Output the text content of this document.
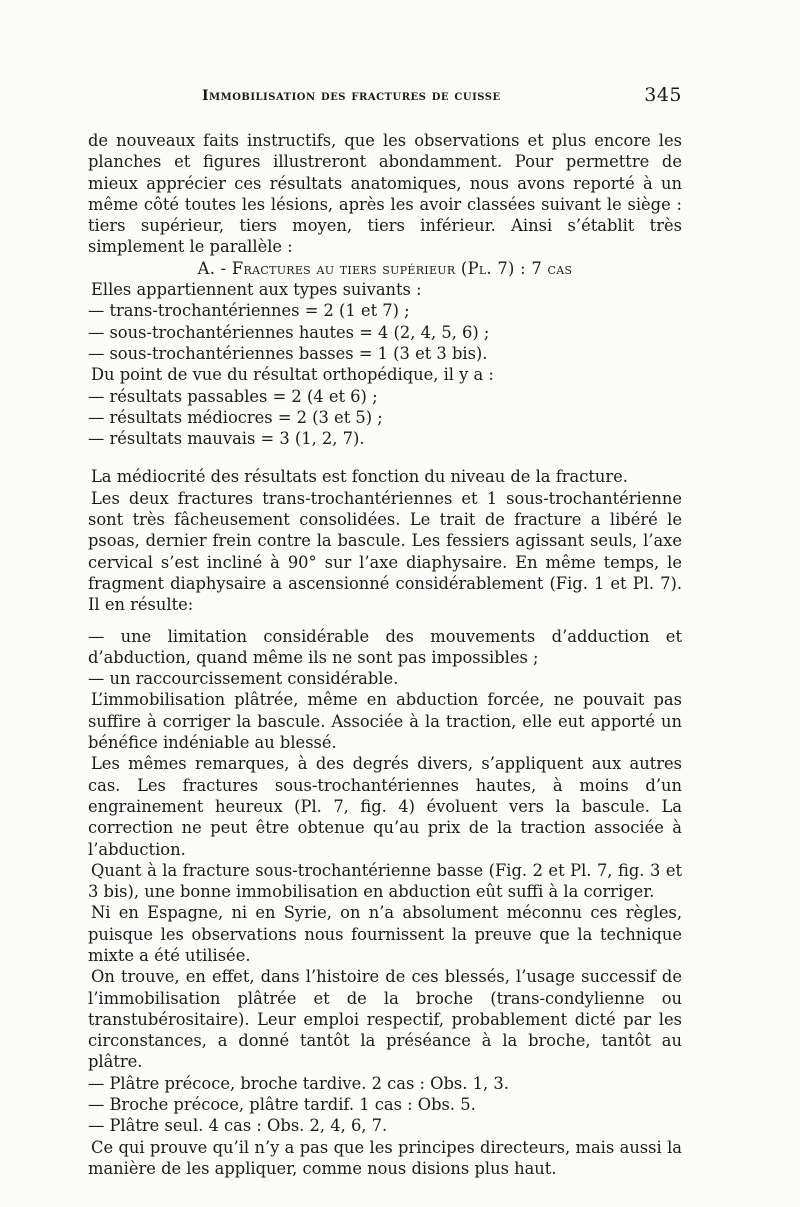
Immobilisation des fractures de cuisse	345

de nouveaux faits instructifs, que les observations et plus encore les planches et figures illustreront abondamment. Pour permettre de mieux apprécier ces résultats anatomiques, nous avons reporté à un même côté toutes les lésions, après les avoir classées suivant le siège : tiers supérieur, tiers moyen, tiers inférieur. Ainsi s’établit très simplement le parallèle :

A. - Fractures au tiers supérieur (Pl. 7) : 7 cas

Elles appartiennent aux types suivants :

— trans-trochantériennes = 2 (1 et 7) ;
— sous-trochantériennes hautes = 4 (2, 4, 5, 6) ;
— sous-trochantériennes basses = 1 (3 et 3 bis).

Du point de vue du résultat orthopédique, il y a :

— résultats passables = 2 (4 et 6) ;
— résultats médiocres = 2 (3 et 5) ;
— résultats mauvais = 3 (1, 2, 7).

La médiocrité des résultats est fonction du niveau de la fracture.

Les deux fractures trans-trochantériennes et 1 sous-trochantérienne sont très fâcheusement consolidées. Le trait de fracture a libéré le psoas, dernier frein contre la bascule. Les fessiers agissant seuls, l’axe cervical s’est incliné à 90° sur l’axe diaphysaire. En même temps, le fragment diaphysaire a ascensionné considérablement (Fig. 1 et Pl. 7). Il en résulte:

— une limitation considérable des mouvements d’adduction et d’abduction, quand même ils ne sont pas impossibles ;
— un raccourcissement considérable.

L’immobilisation plâtrée, même en abduction forcée, ne pouvait pas suffire à corriger la bascule. Associée à la traction, elle eut apporté un bénéfice indéniable au blessé.

Les mêmes remarques, à des degrés divers, s’appliquent aux autres cas. Les fractures sous-trochantériennes hautes, à moins d’un engrainement heureux (Pl. 7, fig. 4) évoluent vers la bascule. La correction ne peut être obtenue qu’au prix de la traction associée à l’abduction.

Quant à la fracture sous-trochantérienne basse (Fig. 2 et Pl. 7, fig. 3 et 3 bis), une bonne immobilisation en abduction eût suffi à la corriger.

Ni en Espagne, ni en Syrie, on n’a absolument méconnu ces règles, puisque les observations nous fournissent la preuve que la technique mixte a été utilisée.

On trouve, en effet, dans l’histoire de ces blessés, l’usage successif de l’immobilisation plâtrée et de la broche (trans-condylienne ou transtubérositaire). Leur emploi respectif, probablement dicté par les circonstances, a donné tantôt la préséance à la broche, tantôt au plâtre.

— Plâtre précoce, broche tardive. 2 cas : Obs. 1, 3.
— Broche précoce, plâtre tardif. 1 cas : Obs. 5.
— Plâtre seul. 4 cas : Obs. 2, 4, 6, 7.

Ce qui prouve qu’il n’y a pas que les principes directeurs, mais aussi la manière de les appliquer, comme nous disions plus haut.
